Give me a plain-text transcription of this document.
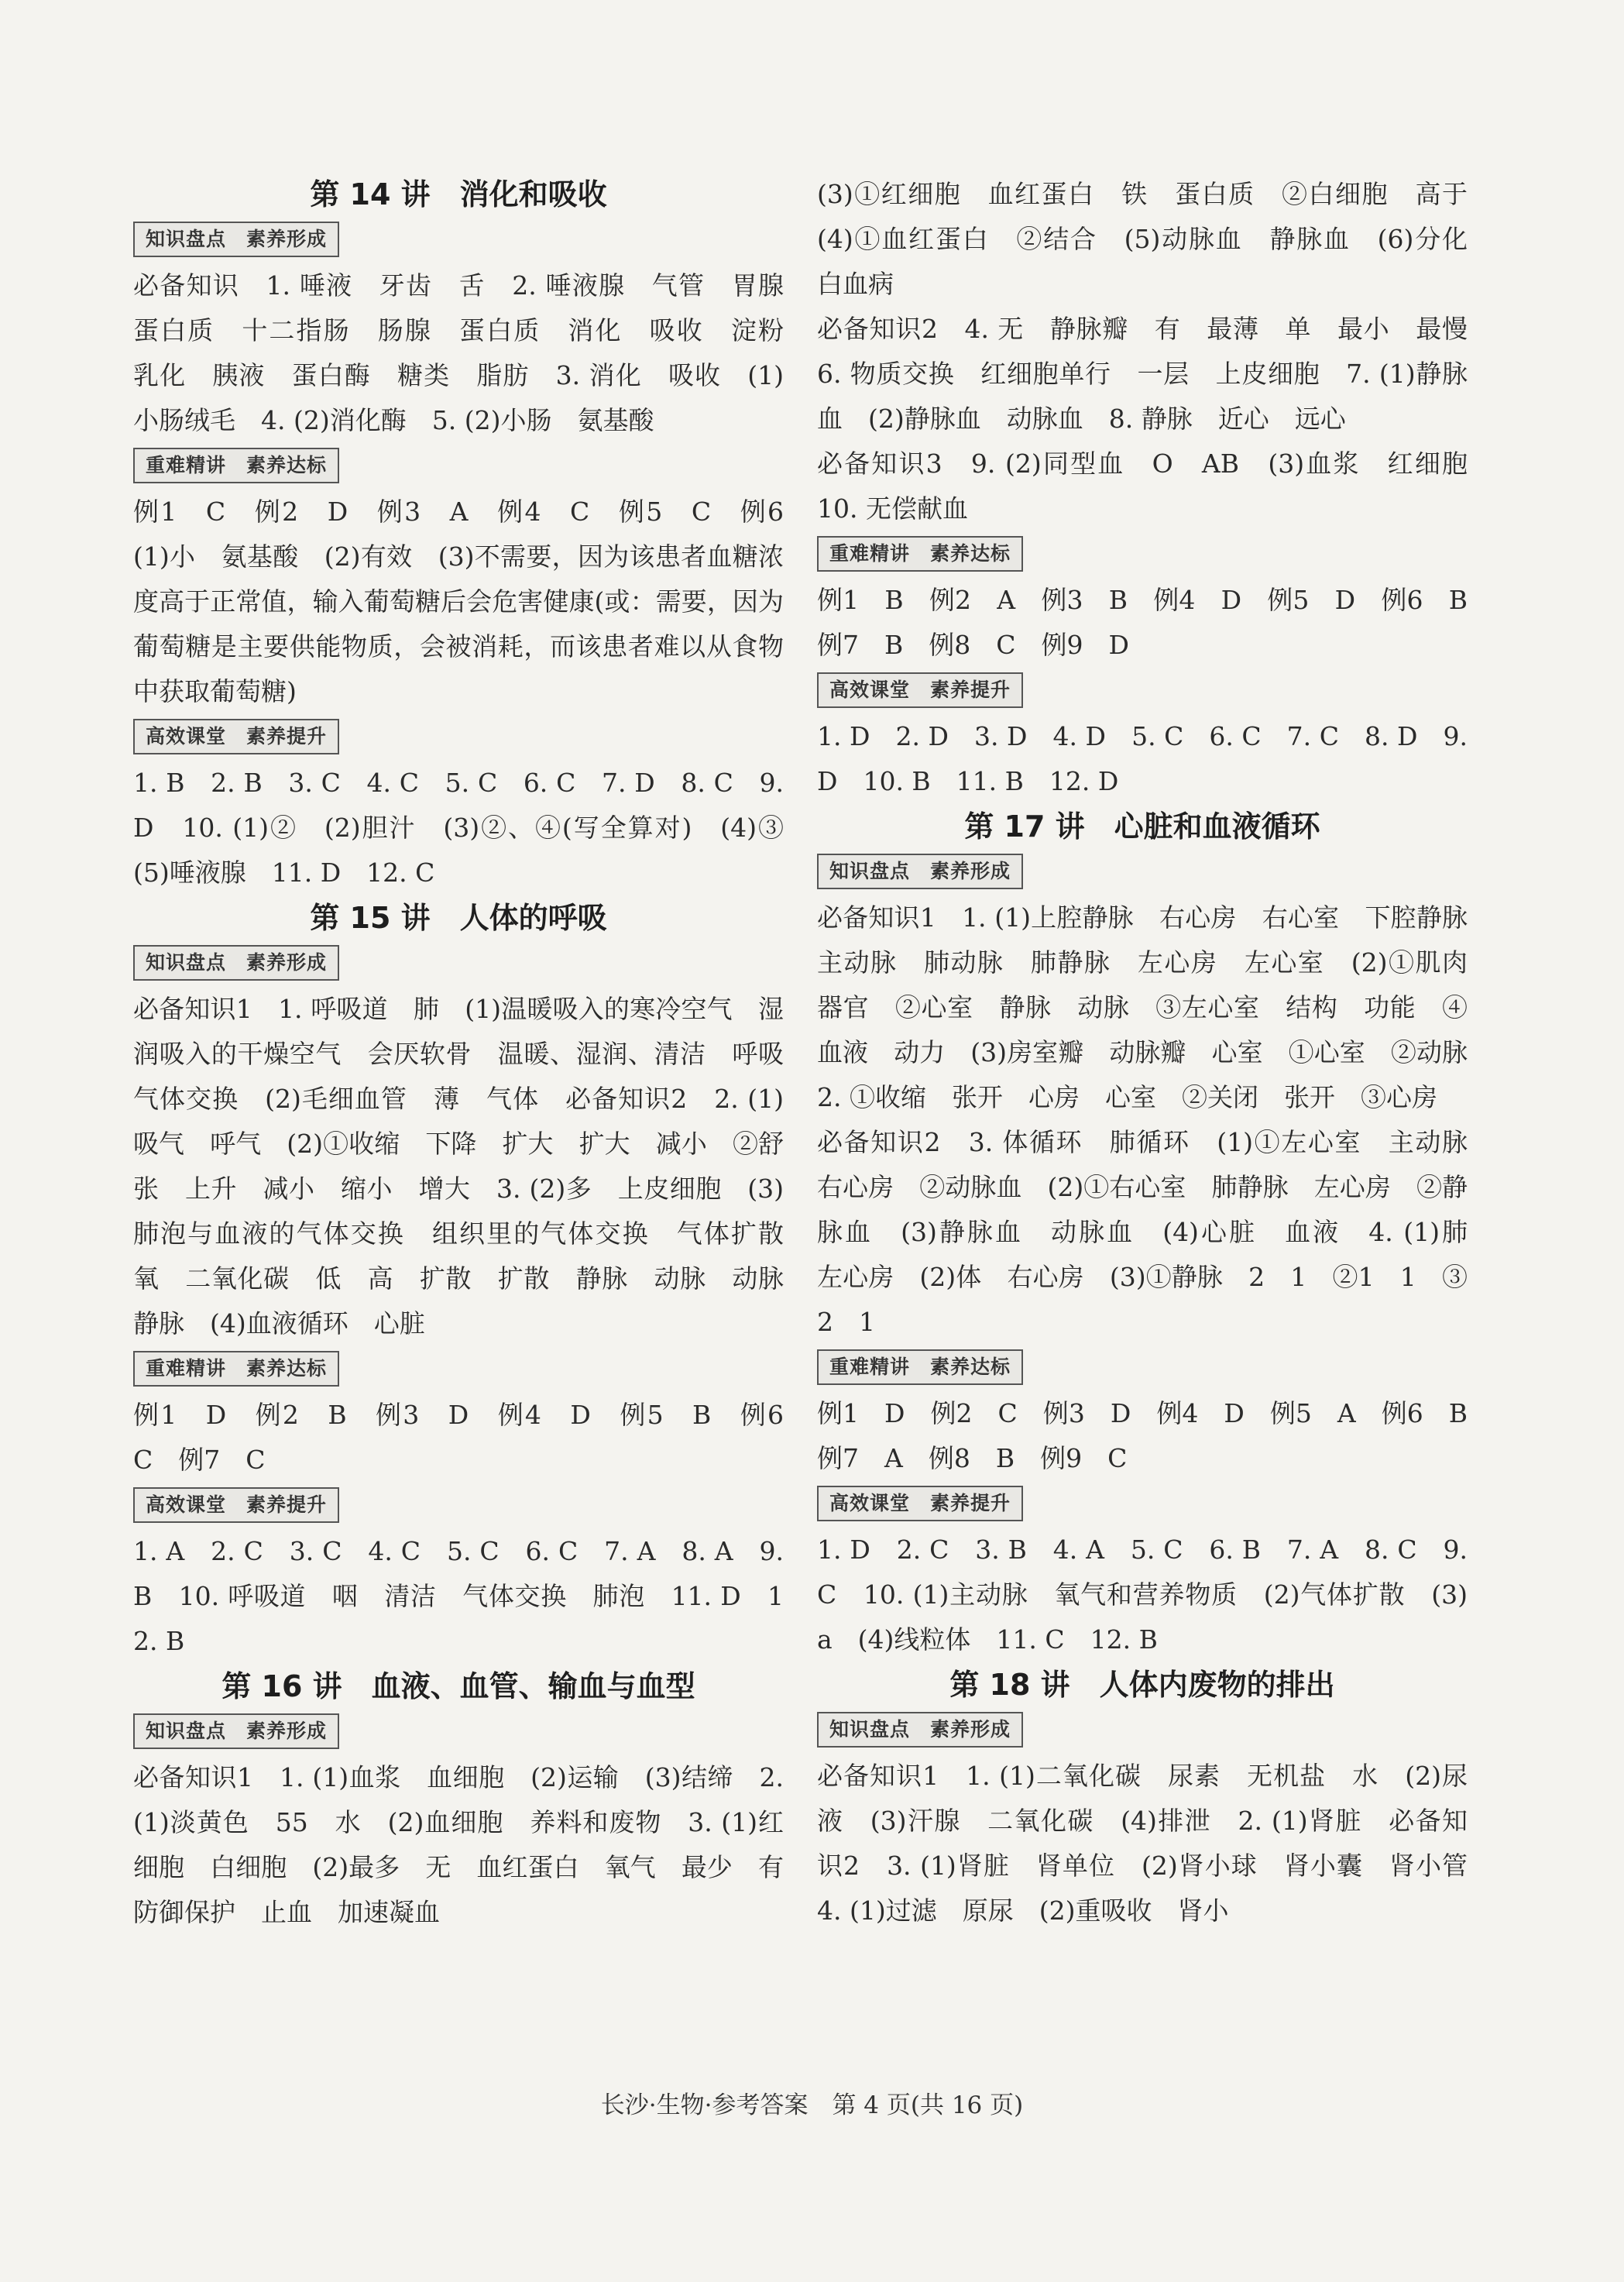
第 14 讲　消化和吸收
知识盘点　素养形成

必备知识　1. 唾液　牙齿　舌　2. 唾液腺　气管　胃腺　蛋白质　十二指肠　肠腺　蛋白质　消化　吸收　淀粉　乳化　胰液　蛋白酶　糖类　脂肪　3. 消化　吸收　(1)小肠绒毛　4. (2)消化酶　5. (2)小肠　氨基酸

重难精讲　素养达标

例1　C　例2　D　例3　A　例4　C　例5　C　例6　(1)小　氨基酸　(2)有效　(3)不需要，因为该患者血糖浓度高于正常值，输入葡萄糖后会危害健康(或：需要，因为葡萄糖是主要供能物质，会被消耗，而该患者难以从食物中获取葡萄糖)

高效课堂　素养提升

1. B　2. B　3. C　4. C　5. C　6. C　7. D　8. C　9. D　10. (1)②　(2)胆汁　(3)②、④(写全算对)　(4)③　(5)唾液腺　11. D　12. C

第 15 讲　人体的呼吸
知识盘点　素养形成

必备知识1　1. 呼吸道　肺　(1)温暖吸入的寒冷空气　湿润吸入的干燥空气　会厌软骨　温暖、湿润、清洁　呼吸　气体交换　(2)毛细血管　薄　气体　必备知识2　2. (1)吸气　呼气　(2)①收缩　下降　扩大　扩大　减小　②舒张　上升　减小　缩小　增大　3. (2)多　上皮细胞　(3)肺泡与血液的气体交换　组织里的气体交换　气体扩散　氧　二氧化碳　低　高　扩散　扩散　静脉　动脉　动脉　静脉　(4)血液循环　心脏

重难精讲　素养达标

例1　D　例2　B　例3　D　例4　D　例5　B　例6　C　例7　C

高效课堂　素养提升

1. A　2. C　3. C　4. C　5. C　6. C　7. A　8. A　9. B　10. 呼吸道　咽　清洁　气体交换　肺泡　11. D　12. B

第 16 讲　血液、血管、输血与血型
知识盘点　素养形成

必备知识1　1. (1)血浆　血细胞　(2)运输　(3)结缔　2. (1)淡黄色　55　水　(2)血细胞　养料和废物　3. (1)红细胞　白细胞　(2)最多　无　血红蛋白　氧气　最少　有　防御保护　止血　加速凝血

(3)①红细胞　血红蛋白　铁　蛋白质　②白细胞　高于　(4)①血红蛋白　②结合　(5)动脉血　静脉血　(6)分化　白血病

必备知识2　4. 无　静脉瓣　有　最薄　单　最小　最慢　6. 物质交换　红细胞单行　一层　上皮细胞　7. (1)静脉血　(2)静脉血　动脉血　8. 静脉　近心　远心

必备知识3　9. (2)同型血　O　AB　(3)血浆　红细胞　10. 无偿献血

重难精讲　素养达标

例1　B　例2　A　例3　B　例4　D　例5　D　例6　B　例7　B　例8　C　例9　D

高效课堂　素养提升

1. D　2. D　3. D　4. D　5. C　6. C　7. C　8. D　9. D　10. B　11. B　12. D

第 17 讲　心脏和血液循环
知识盘点　素养形成

必备知识1　1. (1)上腔静脉　右心房　右心室　下腔静脉　主动脉　肺动脉　肺静脉　左心房　左心室　(2)①肌肉　器官　②心室　静脉　动脉　③左心室　结构　功能　④血液　动力　(3)房室瓣　动脉瓣　心室　①心室　②动脉　2. ①收缩　张开　心房　心室　②关闭　张开　③心房

必备知识2　3. 体循环　肺循环　(1)①左心室　主动脉　右心房　②动脉血　(2)①右心室　肺静脉　左心房　②静脉血　(3)静脉血　动脉血　(4)心脏　血液　4. (1)肺　左心房　(2)体　右心房　(3)①静脉　2　1　②1　1　③2　1

重难精讲　素养达标

例1　D　例2　C　例3　D　例4　D　例5　A　例6　B　例7　A　例8　B　例9　C

高效课堂　素养提升

1. D　2. C　3. B　4. A　5. C　6. B　7. A　8. C　9. C　10. (1)主动脉　氧气和营养物质　(2)气体扩散　(3)a　(4)线粒体　11. C　12. B

第 18 讲　人体内废物的排出
知识盘点　素养形成

必备知识1　1. (1)二氧化碳　尿素　无机盐　水　(2)尿液　(3)汗腺　二氧化碳　(4)排泄　2. (1)肾脏　必备知识2　3. (1)肾脏　肾单位　(2)肾小球　肾小囊　肾小管　4. (1)过滤　原尿　(2)重吸收　肾小

长沙·生物·参考答案　第 4 页(共 16 页)
